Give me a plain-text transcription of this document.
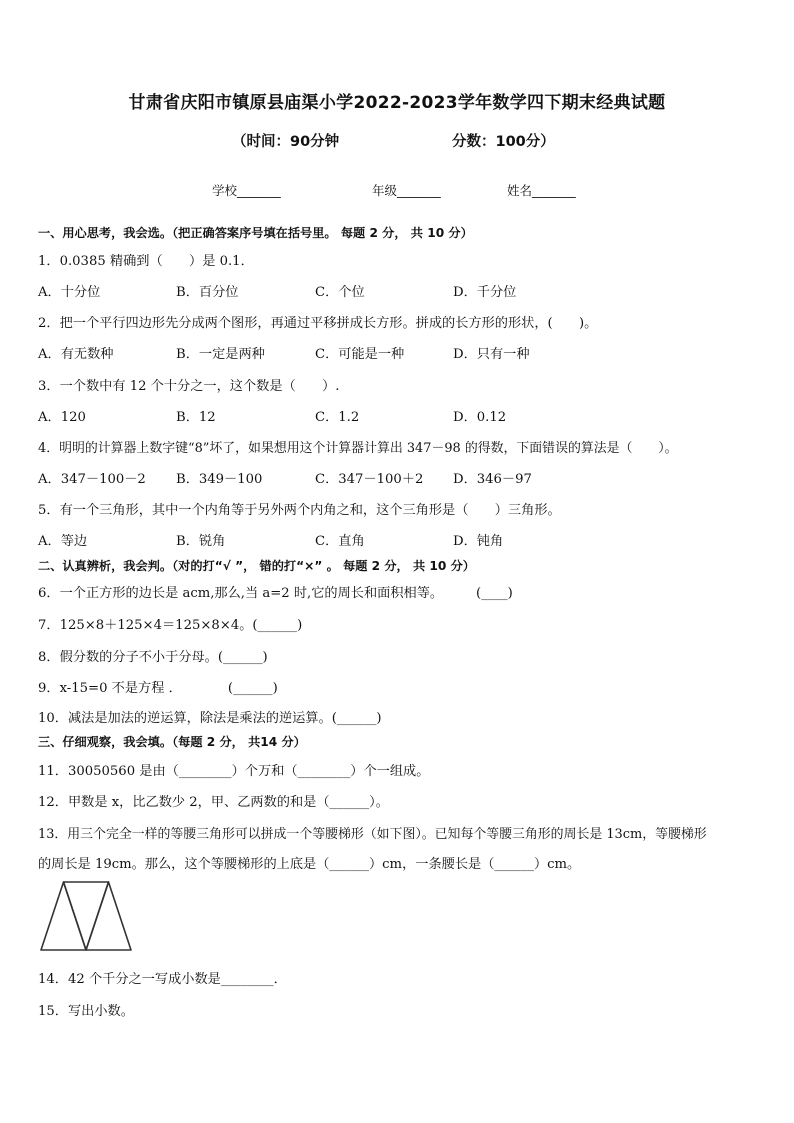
甘肃省庆阳市镇原县庙渠小学2022-2023学年数学四下期末经典试题
（时间：90分钟	分数：100分）
学校_______	年级_______	姓名_______
一、用心思考，我会选。（把正确答案序号填在括号里。 每题 2 分， 共 10 分）
1．0.0385 精确到（　　）是 0.1．
A．十分位	B．百分位	C．个位	D．千分位
2．把一个平行四边形先分成两个图形，再通过平移拼成长方形。拼成的长方形的形状，(　　)。
A．有无数种	B．一定是两种	C．可能是一种	D．只有一种
3．一个数中有 12 个十分之一，这个数是（　　）.
A．120	B．12	C．1.2	D．0.12
4．明明的计算器上数字键“8”坏了，如果想用这个计算器计算出 347－98 的得数，下面错误的算法是（　　）。
A．347－100－2 B．349－100	C．347－100＋2 D．346－97
5．有一个三角形，其中一个内角等于另外两个内角之和，这个三角形是（　　）三角形。
A．等边	B．锐角	C．直角	D．钝角
二、认真辨析，我会判。（对的打“√ ”， 错的打“×” 。 每题 2 分， 共 10 分）
6．一个正方形的边长是 acm,那么,当 a=2 时,它的周长和面积相等。　　　(____)
7．125×8＋125×4＝125×8×4。(______)
8．假分数的分子不小于分母。(______)
9．x-15=0 不是方程 ．　　　　(______)
10．减法是加法的逆运算，除法是乘法的逆运算。(______)
三、仔细观察，我会填。（每题 2 分， 共14 分）
11．30050560 是由（________）个万和（________）个一组成。
12．甲数是 x，比乙数少 2，甲、乙两数的和是（______）。
13．用三个完全一样的等腰三角形可以拼成一个等腰梯形（如下图）。已知每个等腰三角形的周长是 13cm，等腰梯形
的周长是 19cm。那么，这个等腰梯形的上底是（______）cm，一条腰长是（______）cm。
14．42 个千分之一写成小数是________．
15．写出小数。
